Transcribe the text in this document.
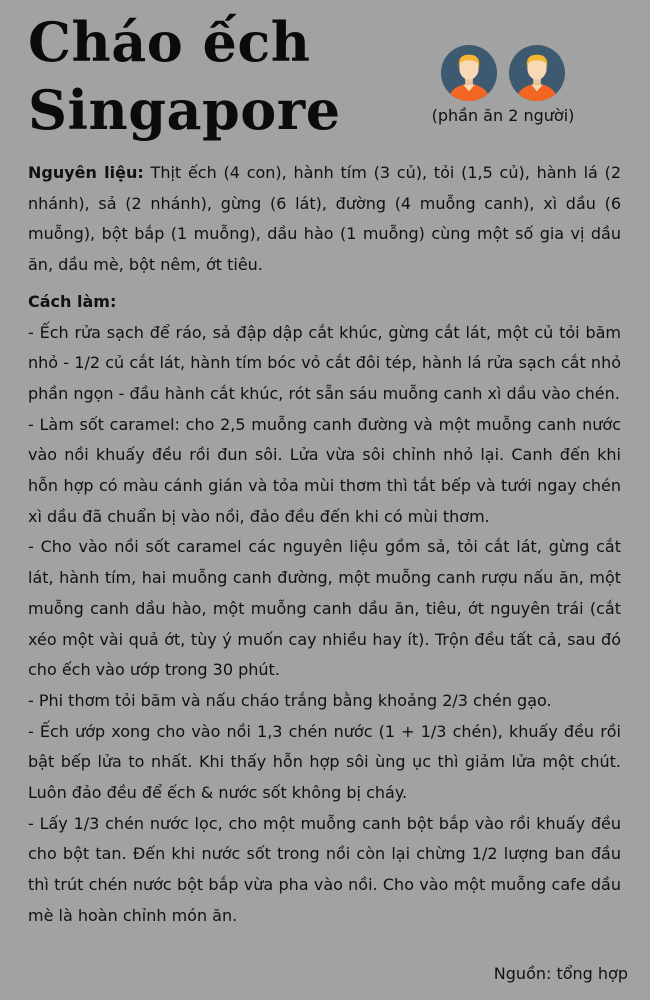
Cháo ếch Singapore	(phần ăn 2 người)

Nguyên liệu: Thịt ếch (4 con), hành tím (3 củ), tỏi (1,5 củ), hành lá (2 nhánh), sả (2 nhánh), gừng (6 lát), đường (4 muỗng canh), xì dầu (6 muỗng), bột bắp (1 muỗng), dầu hào (1 muỗng) cùng một số gia vị dầu ăn, dầu mè, bột nêm, ớt tiêu.

Cách làm:

- Ếch rửa sạch để ráo, sả đập dập cắt khúc, gừng cắt lát, một củ tỏi băm nhỏ - 1/2 củ cắt lát, hành tím bóc vỏ cắt đôi tép, hành lá rửa sạch cắt nhỏ phần ngọn - đầu hành cắt khúc, rót sẵn sáu muỗng canh xì dầu vào chén.

- Làm sốt caramel: cho 2,5 muỗng canh đường và một muỗng canh nước vào nồi khuấy đều rồi đun sôi. Lửa vừa sôi chỉnh nhỏ lại. Canh đến khi hỗn hợp có màu cánh gián và tỏa mùi thơm thì tắt bếp và tưới ngay chén xì dầu đã chuẩn bị vào nồi, đảo đều đến khi có mùi thơm.

- Cho vào nồi sốt caramel các nguyên liệu gồm sả, tỏi cắt lát, gừng cắt lát, hành tím, hai muỗng canh đường, một muỗng canh rượu nấu ăn, một muỗng canh dầu hào, một muỗng canh dầu ăn, tiêu, ớt nguyên trái (cắt xéo một vài quả ớt, tùy ý muốn cay nhiều hay ít). Trộn đều tất cả, sau đó cho ếch vào ướp trong 30 phút.

- Phi thơm tỏi băm và nấu cháo trắng bằng khoảng 2/3 chén gạo.

- Ếch ướp xong cho vào nồi 1,3 chén nước (1 + 1/3 chén), khuấy đều rồi bật bếp lửa to nhất. Khi thấy hỗn hợp sôi ùng ục thì giảm lửa một chút. Luôn đảo đều để ếch & nước sốt không bị cháy.

- Lấy 1/3 chén nước lọc, cho một muỗng canh bột bắp vào rồi khuấy đều cho bột tan. Đến khi nước sốt trong nồi còn lại chừng 1/2 lượng ban đầu thì trút chén nước bột bắp vừa pha vào nồi. Cho vào một muỗng cafe dầu mè là hoàn chỉnh món ăn.

Nguồn: tổng hợp
